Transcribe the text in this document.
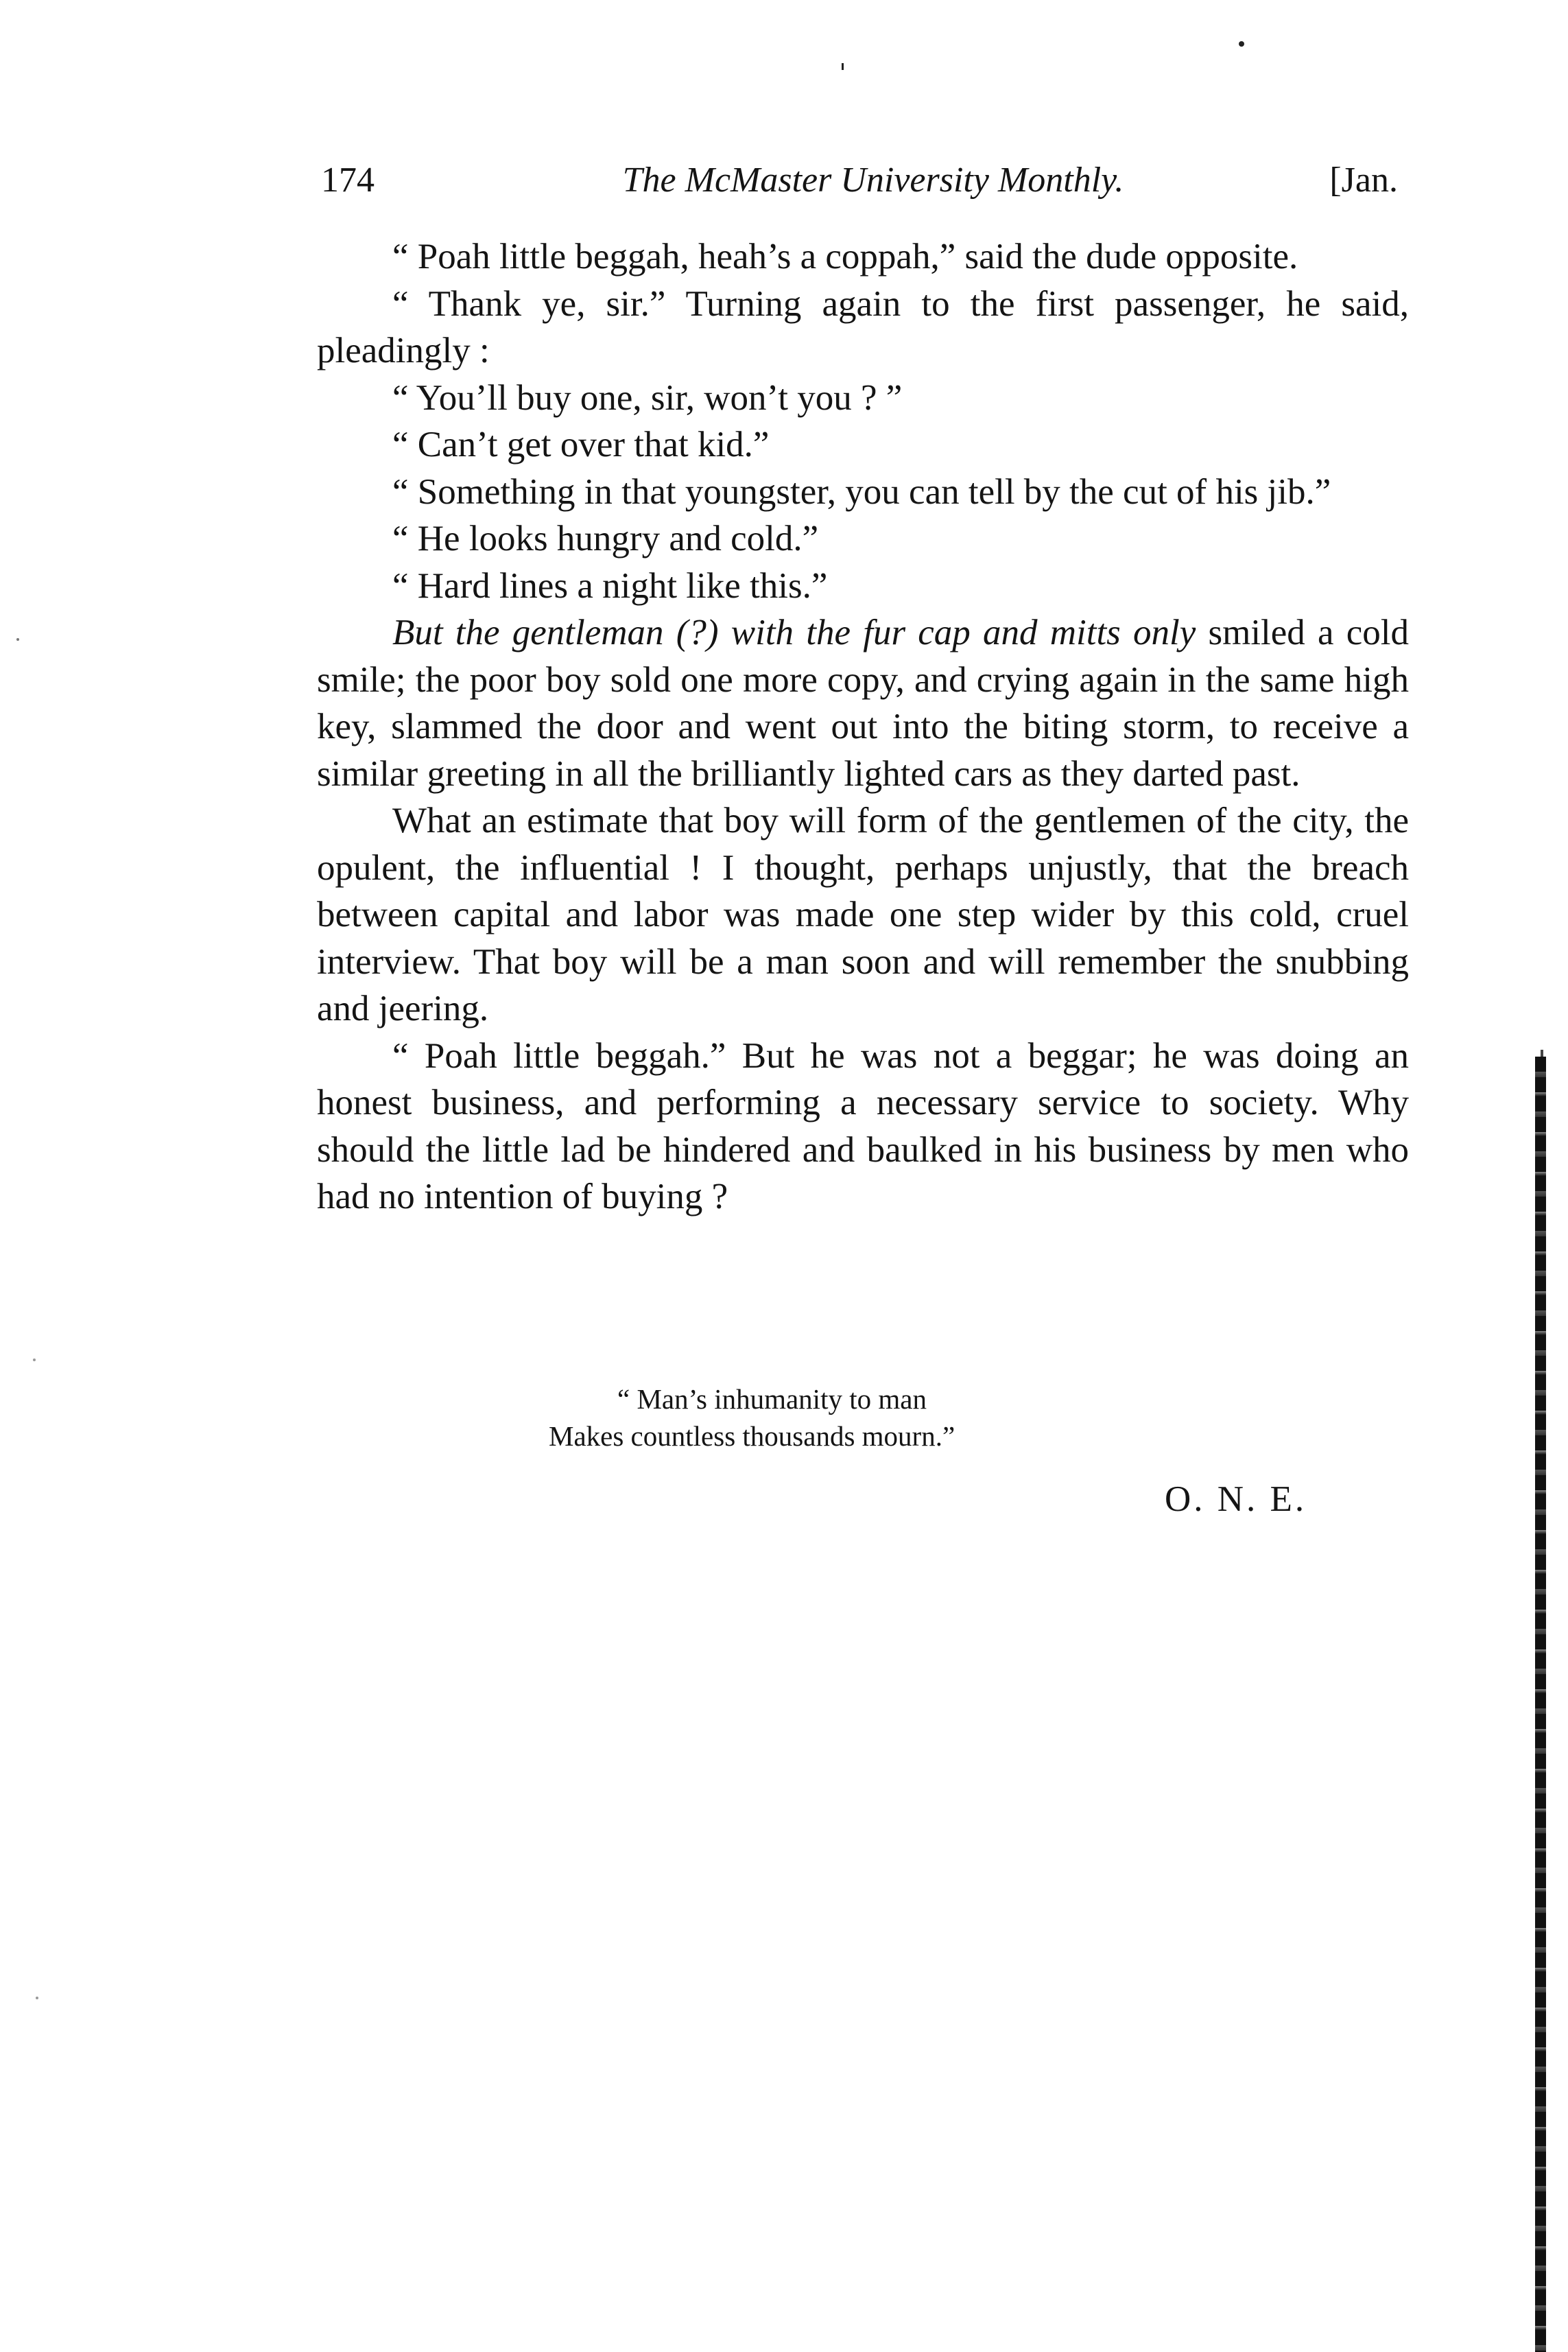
174	The McMaster University Monthly.	[Jan.

“ Poah little beggah, heah’s a coppah,” said the dude opposite.

“ Thank ye, sir.” Turning again to the first passenger, he said, pleadingly :

“ You’ll buy one, sir, won’t you ? ”

“ Can’t get over that kid.”

“ Something in that youngster, you can tell by the cut of his jib.”

“ He looks hungry and cold.”

“ Hard lines a night like this.”

But the gentleman (?) with the fur cap and mitts only smiled a cold smile; the poor boy sold one more copy, and crying again in the same high key, slammed the door and went out into the biting storm, to receive a similar greeting in all the brilliantly lighted cars as they darted past.

What an estimate that boy will form of the gentlemen of the city, the opulent, the influential ! I thought, perhaps unjustly, that the breach between capital and labor was made one step wider by this cold, cruel interview. That boy will be a man soon and will remember the snubbing and jeering.

“ Poah little beggah.” But he was not a beggar; he was doing an honest business, and performing a necessary service to society. Why should the little lad be hindered and baulked in his business by men who had no intention of buying ?

“ Man’s inhumanity to man
Makes countless thousands mourn.”
O. N. E.
